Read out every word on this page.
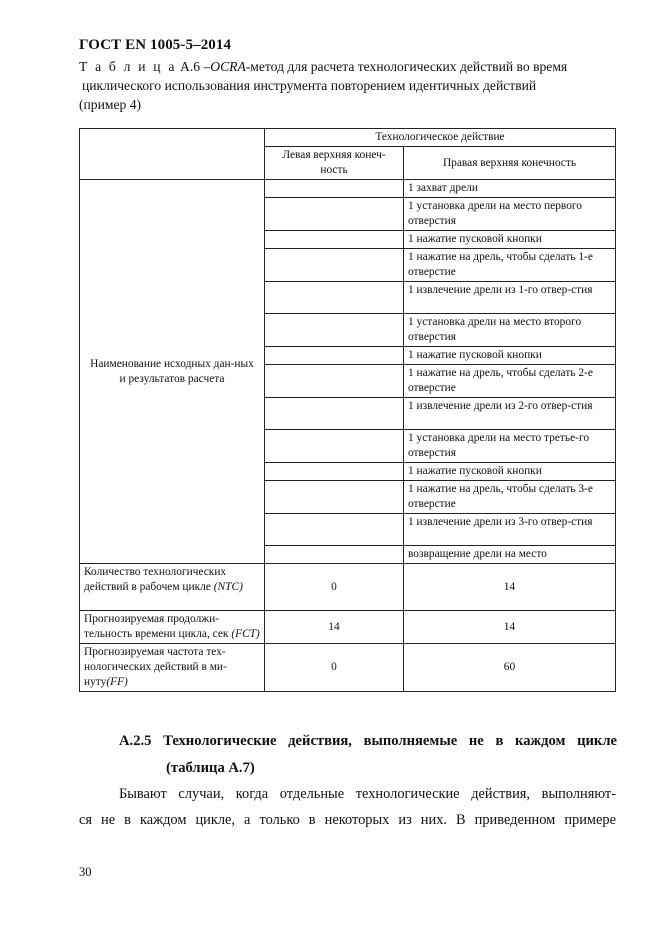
ГОСТ EN 1005-5–2014
Т а б л и ц а А.6 –OCRA-метод для расчета технологических действий во время
циклического использования инструмента повторением идентичных действий
(пример 4)
	Технологическое действие	
	Левая верхняя конеч-ность	Правая верхняя конечность
Наименование исходных дан-ных и результатов расчета		1 захват дрели
		1 установка дрели на место первого отверстия
		1 нажатие пусковой кнопки
		1 нажатие на дрель, чтобы сделать 1-е отверстие
		1 извлечение дрели из 1-го отвер-стия
		1 установка дрели на место второго отверстия
		1 нажатие пусковой кнопки
		1 нажатие на дрель, чтобы сделать 2-е отверстие
		1 извлечение дрели из 2-го отвер-стия
		1 установка дрели на место третье-го отверстия
		1 нажатие пусковой кнопки
		1 нажатие на дрель, чтобы сделать 3-е отверстие
		1 извлечение дрели из 3-го отвер-стия
		возвращение дрели на место
Количество технологических действий в рабочем цикле (NTC)	0	14
Прогнозируемая продолжи-тельность времени цикла, сек (FCT)	14	14
Прогнозируемая частота тех-нологических действий в ми-нуту(FF)	0	60
А.2.5 Технологические действия, выполняемые не в каждом цикле
(таблица А.7)
Бывают случаи, когда отдельные технологические действия, выполняют-
ся не в каждом цикле, а только в некоторых из них. В приведенном примере
30
